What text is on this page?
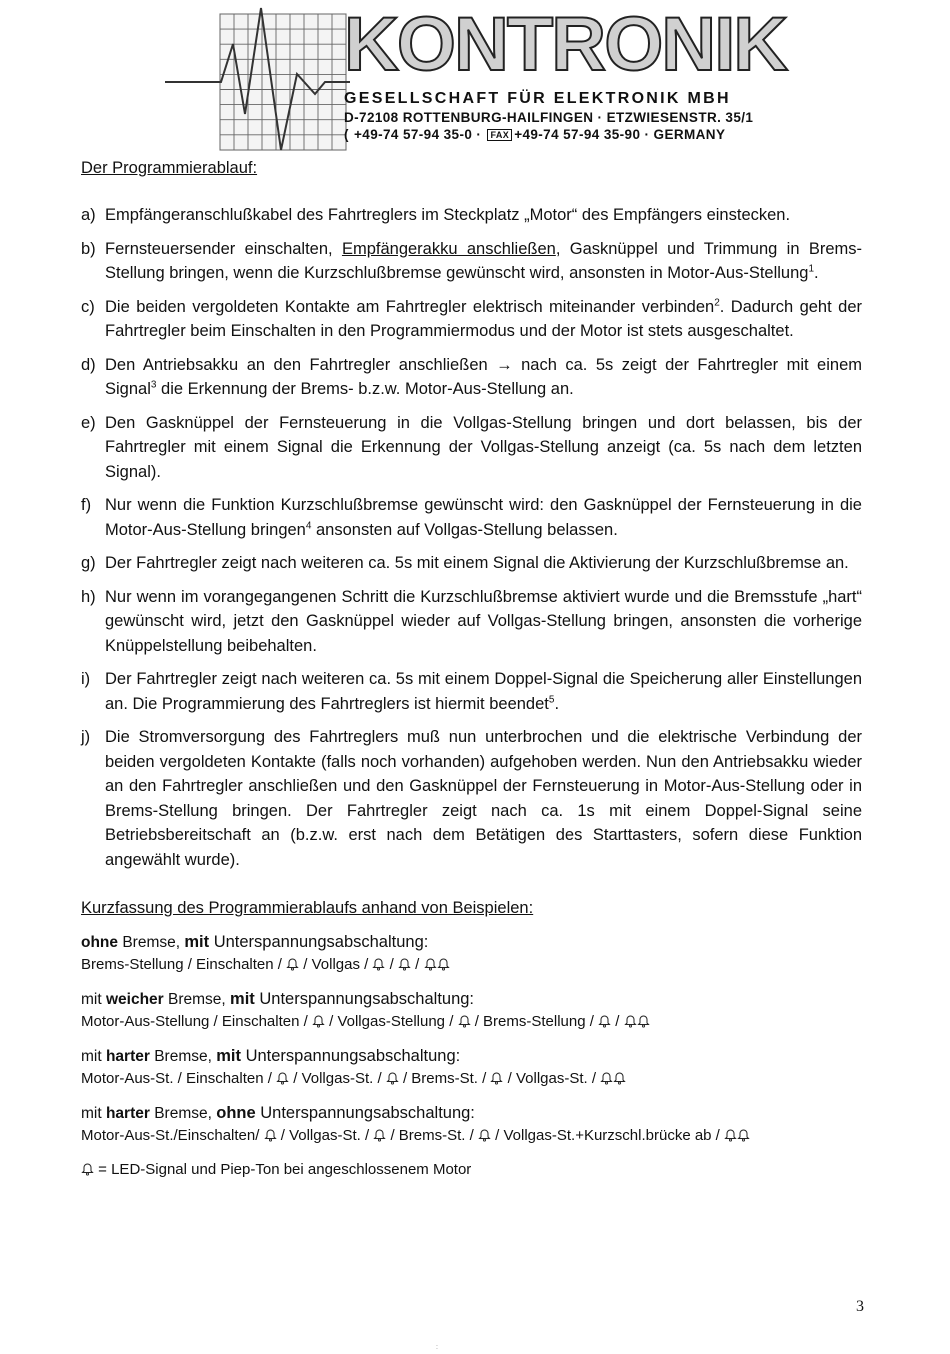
KONTRONIK
GESELLSCHAFT FÜR ELEKTRONIK MBH
D-72108 ROTTENBURG-HAILFINGEN · ETZWIESENSTR. 35/1
( +49-74 57-94 35-0 · FAX +49-74 57-94 35-90 · GERMANY
Der Programmierablauf:
a) Empfängeranschlußkabel des Fahrtreglers im Steckplatz „Motor“ des Empfängers einstecken.
b) Fernsteuersender einschalten, Empfängerakku anschließen, Gasknüppel und Trimmung in Brems-Stellung bringen, wenn die Kurzschlußbremse gewünscht wird, ansonsten in Motor-Aus-Stellung$^1$.
c) Die beiden vergoldeten Kontakte am Fahrtregler elektrisch miteinander verbinden$^2$. Dadurch geht der Fahrtregler beim Einschalten in den Programmiermodus und der Motor ist stets ausgeschaltet.
d) Den Antriebsakku an den Fahrtregler anschließen → nach ca. 5s zeigt der Fahrtregler mit einem Signal$^3$ die Erkennung der Brems- b.z.w. Motor-Aus-Stellung an.
e) Den Gasknüppel der Fernsteuerung in die Vollgas-Stellung bringen und dort belassen, bis der Fahrtregler mit einem Signal die Erkennung der Vollgas-Stellung anzeigt (ca. 5s nach dem letzten Signal).
f) Nur wenn die Funktion Kurzschlußbremse gewünscht wird: den Gasknüppel der Fernsteuerung in die Motor-Aus-Stellung bringen$^4$ ansonsten auf Vollgas-Stellung belassen.
g) Der Fahrtregler zeigt nach weiteren ca. 5s mit einem Signal die Aktivierung der Kurzschlußbremse an.
h) Nur wenn im vorangegangenen Schritt die Kurzschlußbremse aktiviert wurde und die Bremsstufe „hart“ gewünscht wird, jetzt den Gasknüppel wieder auf Vollgas-Stellung bringen, ansonsten die vorherige Knüppelstellung beibehalten.
i) Der Fahrtregler zeigt nach weiteren ca. 5s mit einem Doppel-Signal die Speicherung aller Einstellungen an. Die Programmierung des Fahrtreglers ist hiermit beendet$^5$.
j) Die Stromversorgung des Fahrtreglers muß nun unterbrochen und die elektrische Verbindung der beiden vergoldeten Kontakte (falls noch vorhanden) aufgehoben werden. Nun den Antriebsakku wieder an den Fahrtregler anschließen und den Gasknüppel der Fernsteuerung in Motor-Aus-Stellung oder in Brems-Stellung bringen. Der Fahrtregler zeigt nach ca. 1s mit einem Doppel-Signal seine Betriebsbereitschaft an (b.z.w. erst nach dem Betätigen des Starttasters, sofern diese Funktion angewählt wurde).
Kurzfassung des Programmierablaufs anhand von Beispielen:
ohne Bremse, mit Unterspannungsabschaltung:
Brems-Stellung / Einschalten /  / Vollgas /  /  /
mit weicher Bremse, mit Unterspannungsabschaltung:
Motor-Aus-Stellung / Einschalten /  / Vollgas-Stellung /  / Brems-Stellung /  /
mit harter Bremse, mit Unterspannungsabschaltung:
Motor-Aus-St. / Einschalten /  / Vollgas-St. /  / Brems-St. /  / Vollgas-St. /
mit harter Bremse, ohne Unterspannungsabschaltung:
Motor-Aus-St./Einschalten/  / Vollgas-St. /  / Brems-St. /  / Vollgas-St.+Kurzschl.brücke ab /
= LED-Signal und Piep-Ton bei angeschlossenem Motor
3
:
